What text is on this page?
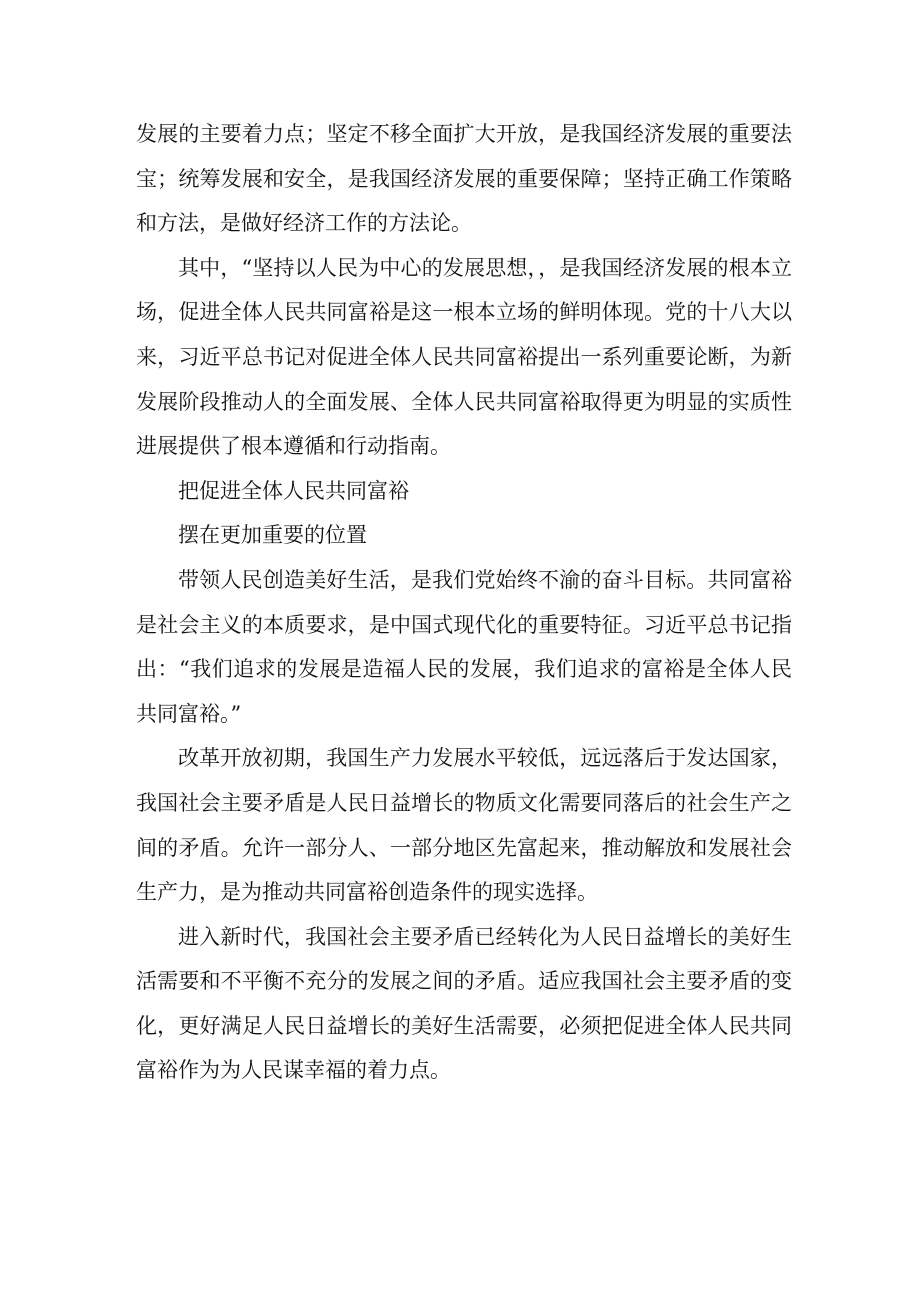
发展的主要着力点；坚定不移全面扩大开放，是我国经济发展的重要法宝；统筹发展和安全，是我国经济发展的重要保障；坚持正确工作策略和方法，是做好经济工作的方法论。

其中，“坚持以人民为中心的发展思想，，是我国经济发展的根本立场，促进全体人民共同富裕是这一根本立场的鲜明体现。党的十八大以来，习近平总书记对促进全体人民共同富裕提出一系列重要论断，为新发展阶段推动人的全面发展、全体人民共同富裕取得更为明显的实质性进展提供了根本遵循和行动指南。

把促进全体人民共同富裕

摆在更加重要的位置

带领人民创造美好生活，是我们党始终不渝的奋斗目标。共同富裕是社会主义的本质要求，是中国式现代化的重要特征。习近平总书记指出：“我们追求的发展是造福人民的发展，我们追求的富裕是全体人民共同富裕。”

改革开放初期，我国生产力发展水平较低，远远落后于发达国家，我国社会主要矛盾是人民日益增长的物质文化需要同落后的社会生产之间的矛盾。允许一部分人、一部分地区先富起来，推动解放和发展社会生产力，是为推动共同富裕创造条件的现实选择。

进入新时代，我国社会主要矛盾已经转化为人民日益增长的美好生活需要和不平衡不充分的发展之间的矛盾。适应我国社会主要矛盾的变化，更好满足人民日益增长的美好生活需要，必须把促进全体人民共同富裕作为为人民谋幸福的着力点。
